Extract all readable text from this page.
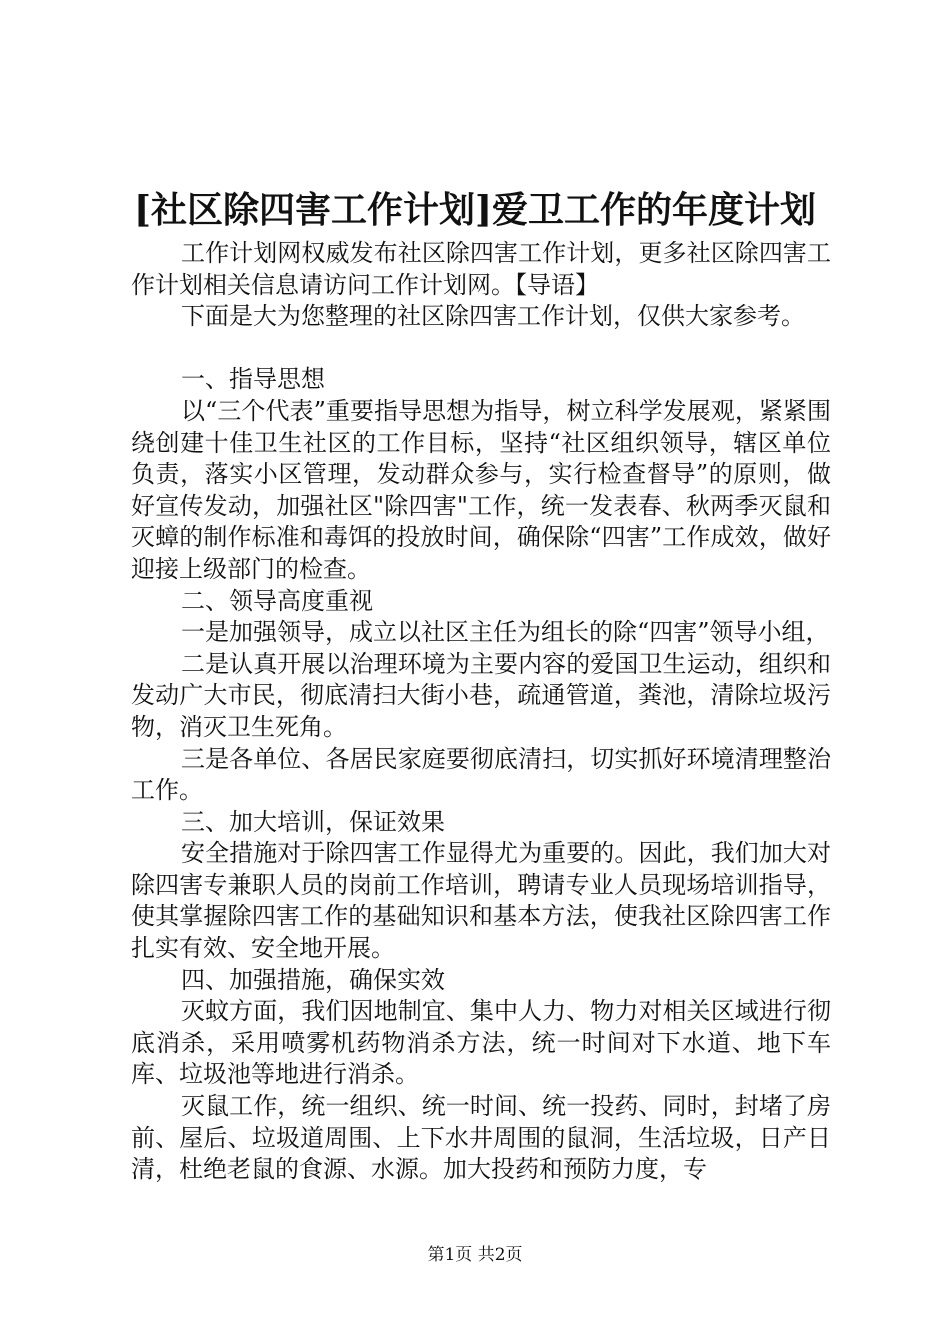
[社区除四害工作计划]爱卫工作的年度计划

工作计划网权威发布社区除四害工作计划，更多社区除四害工作计划相关信息请访问工作计划网。【导语】

下面是大为您整理的社区除四害工作计划，仅供大家参考。

一、指导思想

以“三个代表”重要指导思想为指导，树立科学发展观，紧紧围绕创建十佳卫生社区的工作目标，坚持“社区组织领导，辖区单位负责，落实小区管理，发动群众参与，实行检查督导”的原则，做好宣传发动，加强社区"除四害"工作，统一发表春、秋两季灭鼠和灭蟑的制作标准和毒饵的投放时间，确保除“四害”工作成效，做好迎接上级部门的检查。

二、领导高度重视

一是加强领导，成立以社区主任为组长的除“四害”领导小组，

二是认真开展以治理环境为主要内容的爱国卫生运动，组织和发动广大市民，彻底清扫大街小巷，疏通管道，粪池，清除垃圾污物，消灭卫生死角。

三是各单位、各居民家庭要彻底清扫，切实抓好环境清理整治工作。

三、加大培训，保证效果

安全措施对于除四害工作显得尤为重要的。因此，我们加大对除四害专兼职人员的岗前工作培训，聘请专业人员现场培训指导，使其掌握除四害工作的基础知识和基本方法，使我社区除四害工作扎实有效、安全地开展。

四、加强措施，确保实效

灭蚊方面，我们因地制宜、集中人力、物力对相关区域进行彻底消杀，采用喷雾机药物消杀方法，统一时间对下水道、地下车库、垃圾池等地进行消杀。

灭鼠工作，统一组织、统一时间、统一投药、同时，封堵了房前、屋后、垃圾道周围、上下水井周围的鼠洞，生活垃圾，日产日清，杜绝老鼠的食源、水源。加大投药和预防力度，专

第1页 共2页
